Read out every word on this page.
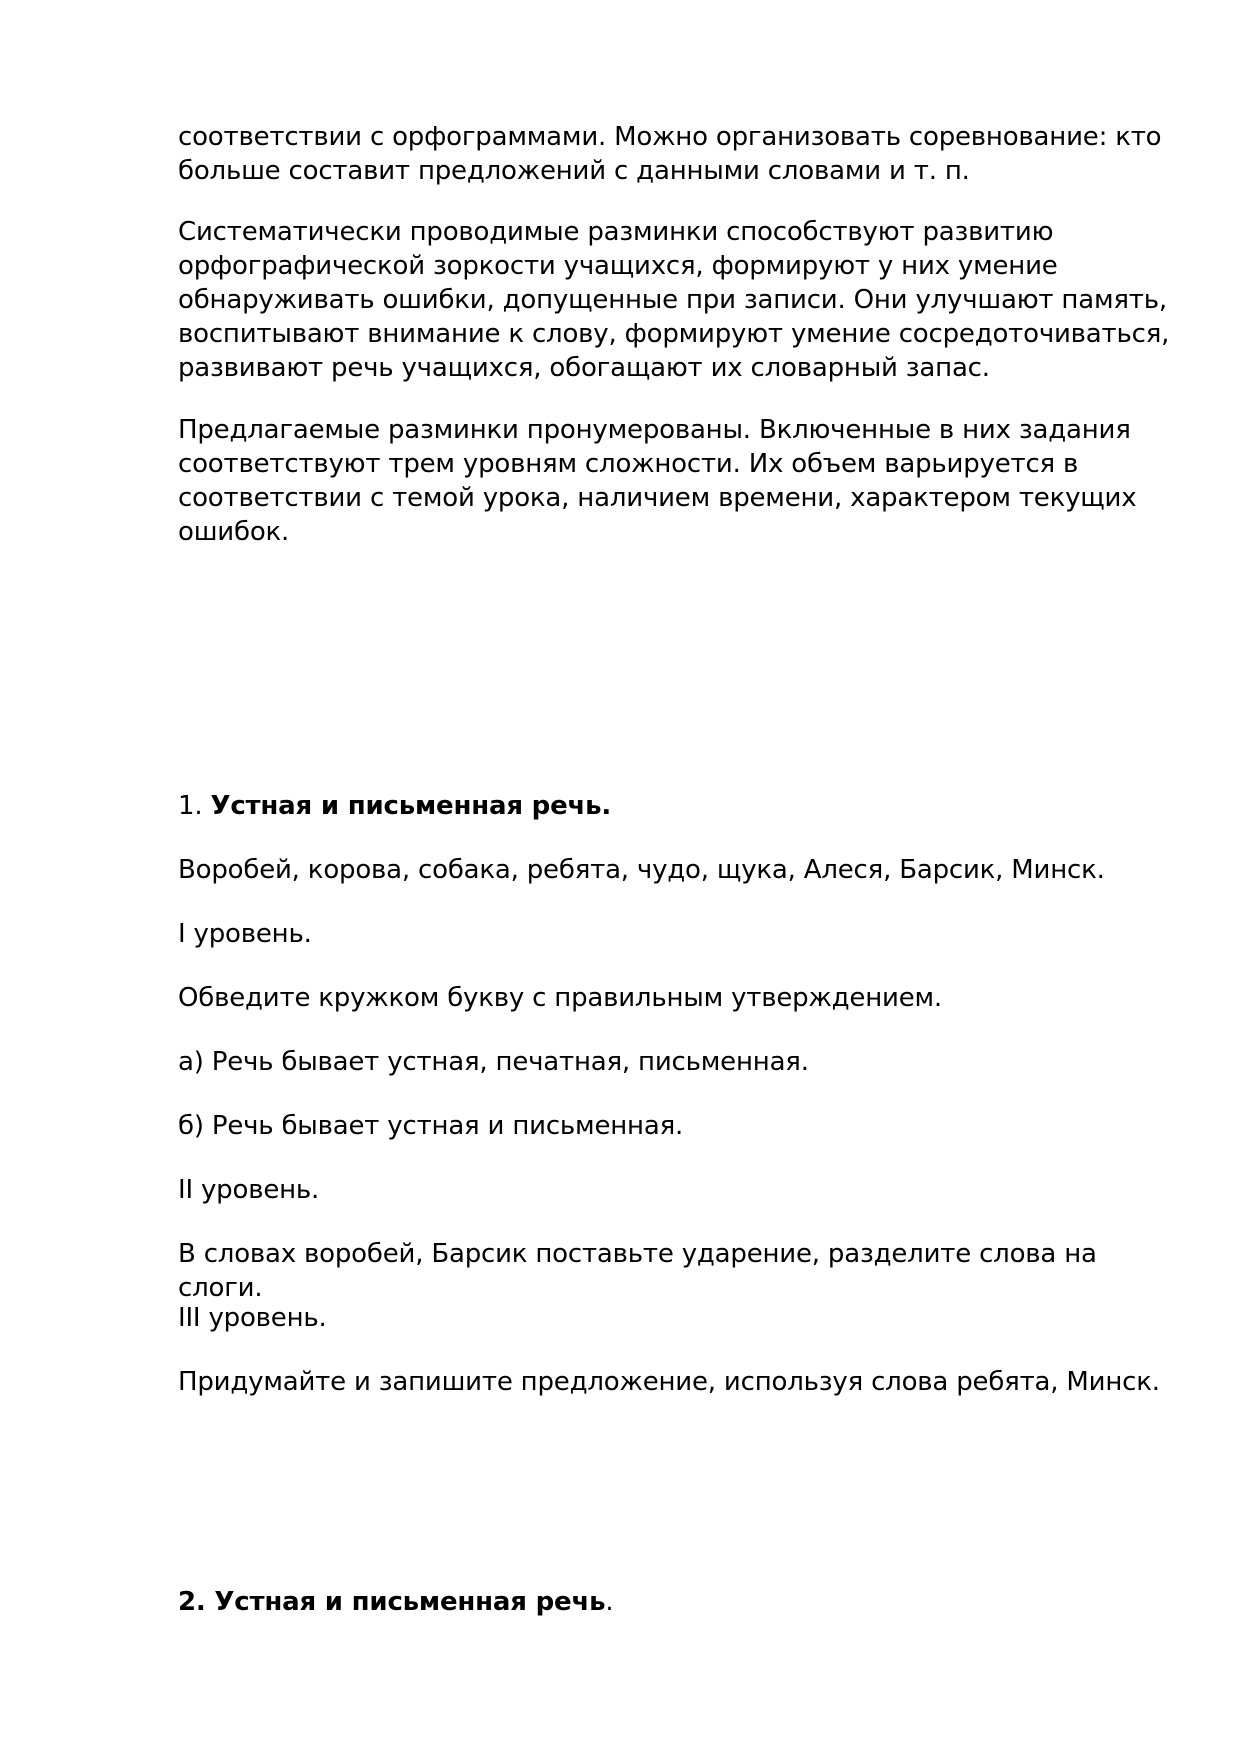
соответствии с орфограммами. Можно организовать соревнование: кто
больше составит предложений с данными словами и т. п.

Систематически проводимые разминки способствуют развитию
орфографической зоркости учащихся, формируют у них умение
обнаруживать ошибки, допущенные при записи. Они улучшают память,
воспитывают внимание к слову, формируют умение сосредоточиваться,
развивают речь учащихся, обогащают их словарный запас.

Предлагаемые разминки пронумерованы. Включенные в них задания
соответствуют трем уровням сложности. Их объем варьируется в
соответствии с темой урока, наличием времени, характером текущих
ошибок.

1. Устная и письменная речь.

Воробей, корова, собака, ребята, чудо, щука, Алеся, Барсик, Минск.

I уровень.

Обведите кружком букву с правильным утверждением.

а) Речь бывает устная, печатная, письменная.

б) Речь бывает устная и письменная.

II уровень.

В словах воробей, Барсик поставьте ударение, разделите слова на слоги.

III уровень.

Придумайте и запишите предложение, используя слова ребята, Минск.

2. Устная и письменная речь.
